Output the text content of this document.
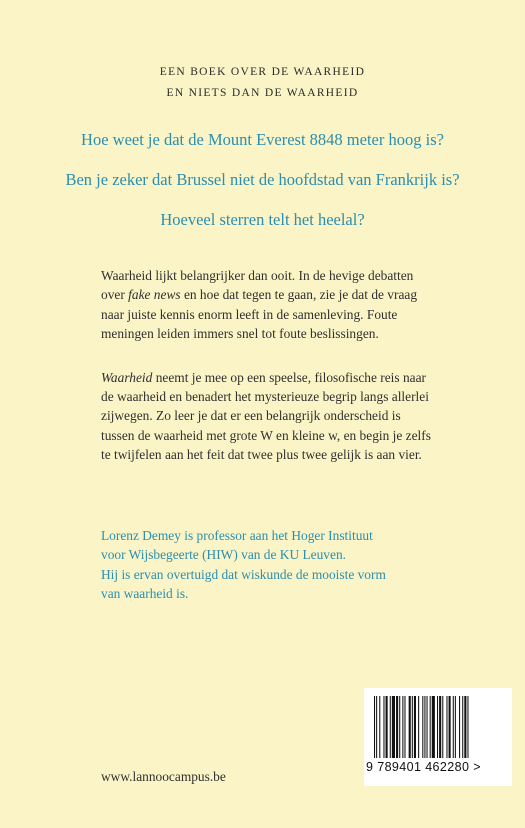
EEN BOEK OVER DE WAARHEID
EN NIETS DAN DE WAARHEID
Hoe weet je dat de Mount Everest 8848 meter hoog is?
Ben je zeker dat Brussel niet de hoofdstad van Frankrijk is?
Hoeveel sterren telt het heelal?

Waarheid lijkt belangrijker dan ooit. In de hevige debatten over fake news en hoe dat tegen te gaan, zie je dat de vraag naar juiste kennis enorm leeft in de samenleving. Foute meningen leiden immers snel tot foute beslissingen.

Waarheid neemt je mee op een speelse, filosofische reis naar de waarheid en benadert het mysterieuze begrip langs allerlei zijwegen. Zo leer je dat er een belangrijk onderscheid is tussen de waarheid met grote W en kleine w, en begin je zelfs te twijfelen aan het feit dat twee plus twee gelijk is aan vier.

Lorenz Demey is professor aan het Hoger Instituut
voor Wijsbegeerte (HIW) van de KU Leuven.
Hij is ervan overtuigd dat wiskunde de mooiste vorm
van waarheid is.
www.lannoocampus.be
9 789401 462280 >
